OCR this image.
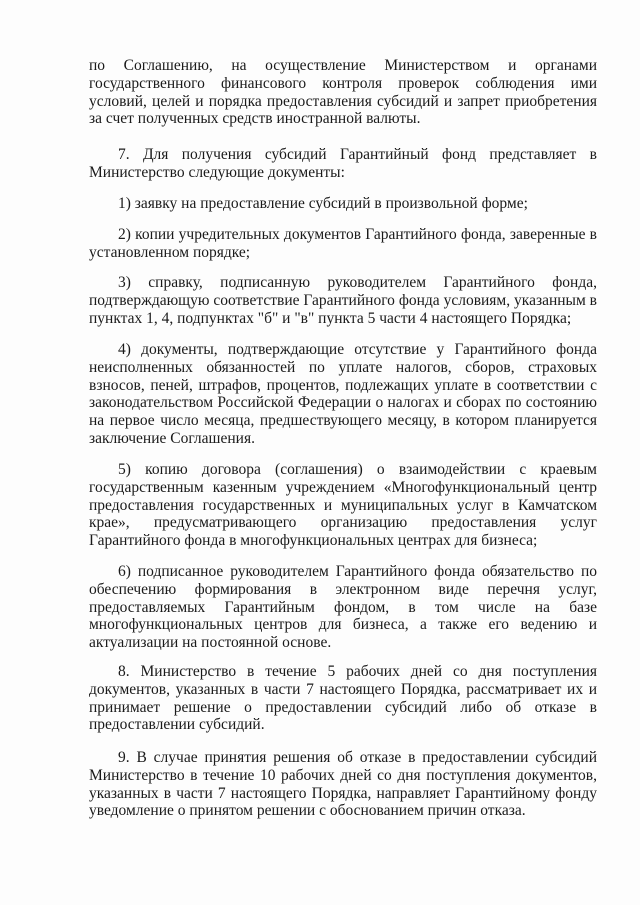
по Соглашению, на осуществление Министерством и органами государственного финансового контроля проверок соблюдения ими условий, целей и порядка предоставления субсидий и запрет приобретения за счет полученных средств иностранной валюты.
7. Для получения субсидий Гарантийный фонд представляет в Министерство следующие документы:
1) заявку на предоставление субсидий в произвольной форме;
2) копии учредительных документов Гарантийного фонда, заверенные в установленном порядке;
3) справку, подписанную руководителем Гарантийного фонда, подтверждающую соответствие Гарантийного фонда условиям, указанным в пунктах 1, 4, подпунктах "б" и "в" пункта 5 части 4 настоящего Порядка;
4) документы, подтверждающие отсутствие у Гарантийного фонда неисполненных обязанностей по уплате налогов, сборов, страховых взносов, пеней, штрафов, процентов, подлежащих уплате в соответствии с законодательством Российской Федерации о налогах и сборах по состоянию на первое число месяца, предшествующего месяцу, в котором планируется заключение Соглашения.
5) копию договора (соглашения) о взаимодействии с краевым государственным казенным учреждением «Многофункциональный центр предоставления государственных и муниципальных услуг в Камчатском крае», предусматривающего организацию предоставления услуг Гарантийного фонда в многофункциональных центрах для бизнеса;
6) подписанное руководителем Гарантийного фонда обязательство по обеспечению формирования в электронном виде перечня услуг, предоставляемых Гарантийным фондом, в том числе на базе многофункциональных центров для бизнеса, а также его ведению и актуализации на постоянной основе.
8. Министерство в течение 5 рабочих дней со дня поступления документов, указанных в части 7 настоящего Порядка, рассматривает их и принимает решение о предоставлении субсидий либо об отказе в предоставлении субсидий.
9. В случае принятия решения об отказе в предоставлении субсидий Министерство в течение 10 рабочих дней со дня поступления документов, указанных в части 7 настоящего Порядка, направляет Гарантийному фонду уведомление о принятом решении с обоснованием причин отказа.
